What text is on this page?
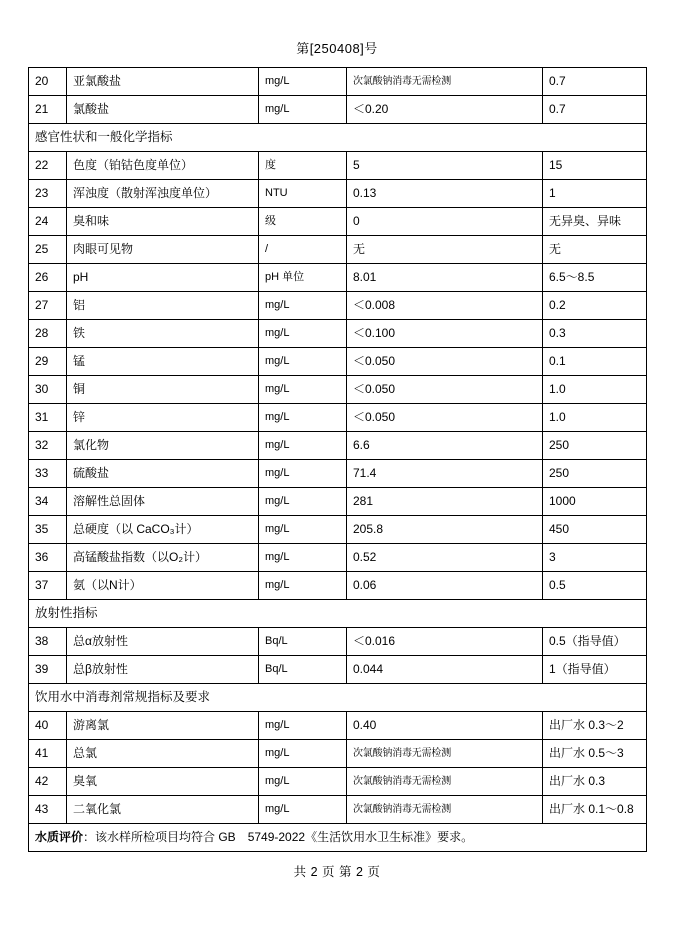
第[250408]号
20	亚氯酸盐	mg/L	次氯酸钠消毒无需检测	0.7
21	氯酸盐	mg/L	＜0.20	0.7
感官性状和一般化学指标				
22	色度（铂钴色度单位）	度	5	15
23	浑浊度（散射浑浊度单位）	NTU	0.13	1
24	臭和味	级	0	无异臭、异味
25	肉眼可见物	/	无	无
26	pH	pH 单位	8.01	6.5～8.5
27	铝	mg/L	＜0.008	0.2
28	铁	mg/L	＜0.100	0.3
29	锰	mg/L	＜0.050	0.1
30	铜	mg/L	＜0.050	1.0
31	锌	mg/L	＜0.050	1.0
32	氯化物	mg/L	6.6	250
33	硫酸盐	mg/L	71.4	250
34	溶解性总固体	mg/L	281	1000
35	总硬度（以 CaCO₃计）	mg/L	205.8	450
36	高锰酸盐指数（以O₂计）	mg/L	0.52	3
37	氨（以N计）	mg/L	0.06	0.5
放射性指标				
38	总α放射性	Bq/L	＜0.016	0.5（指导值）
39	总β放射性	Bq/L	0.044	1（指导值）
饮用水中消毒剂常规指标及要求				
40	游离氯	mg/L	0.40	出厂水 0.3～2
41	总氯	mg/L	次氯酸钠消毒无需检测	出厂水 0.5～3
42	臭氧	mg/L	次氯酸钠消毒无需检测	出厂水 0.3
43	二氧化氯	mg/L	次氯酸钠消毒无需检测	出厂水 0.1～0.8
水质评价：该水样所检项目均符合 GB　5749-2022《生活饮用水卫生标准》要求。				
共 2 页 第 2 页
